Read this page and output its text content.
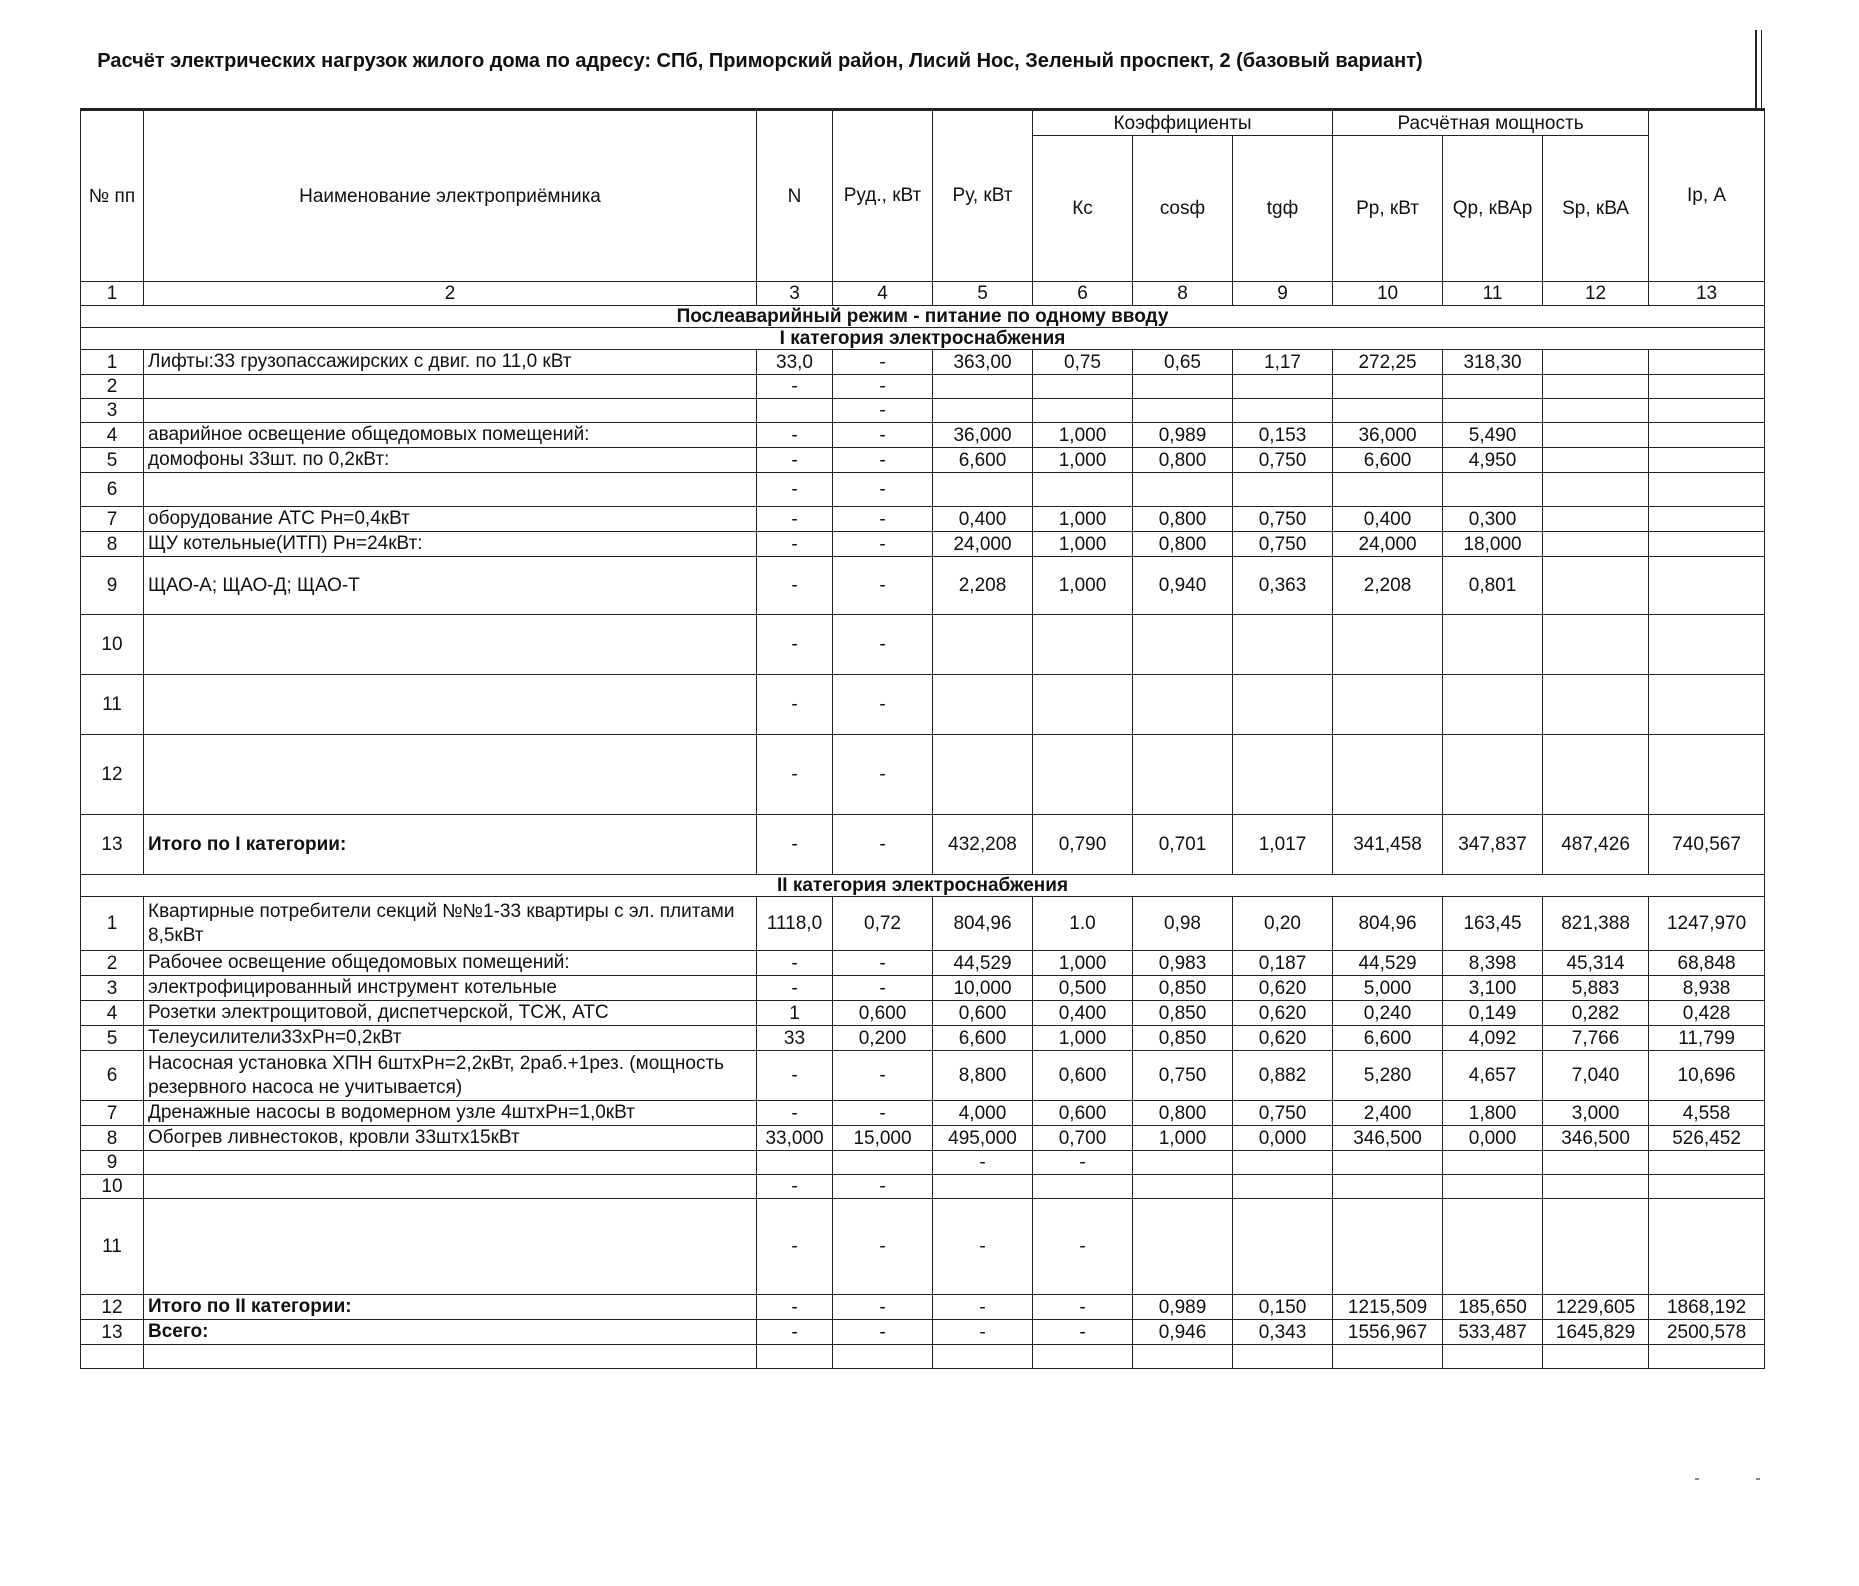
Расчёт электрических нагрузок жилого дома по адресу: СПб, Приморский район, Лисий Нос, Зеленый проспект, 2 (базовый вариант)
№ пп	Наименование электроприёмника	N	Руд., кВт	Ру, кВт	Коэффициенты			Расчётная мощность			Iр, А
					Кс	cosф	tgф	Рр, кВт	Qр, кВАр	Sр, кВА	
1	2	3	4	5	6	8	9	10	11	12	13
Послеаварийный режим - питание по одному вводу											
I категория электроснабжения											
1	Лифты:33 грузопассажирских с двиг. по 11,0 кВт	33,0	-	363,00	0,75	0,65	1,17	272,25	318,30		
2		-	-								
3			-								
4	аварийное освещение общедомовых помещений:	-	-	36,000	1,000	0,989	0,153	36,000	5,490		
5	домофоны 33шт. по 0,2кВт:	-	-	6,600	1,000	0,800	0,750	6,600	4,950		
6		-	-								
7	оборудование АТС Рн=0,4кВт	-	-	0,400	1,000	0,800	0,750	0,400	0,300		
8	ЩУ котельные(ИТП) Рн=24кВт:	-	-	24,000	1,000	0,800	0,750	24,000	18,000		
9	ЩАО-А; ЩАО-Д; ЩАО-Т	-	-	2,208	1,000	0,940	0,363	2,208	0,801		
10		-	-								
11		-	-								
12		-	-								
13	Итого по I категории:	-	-	432,208	0,790	0,701	1,017	341,458	347,837	487,426	740,567
II категория электроснабжения											
1	Квартирные потребители секций №№1-33 квартиры с эл. плитами 8,5кВт	1118,0	0,72	804,96	1.0	0,98	0,20	804,96	163,45	821,388	1247,970
2	Рабочее освещение общедомовых помещений:	-	-	44,529	1,000	0,983	0,187	44,529	8,398	45,314	68,848
3	электрофицированный инструмент котельные	-	-	10,000	0,500	0,850	0,620	5,000	3,100	5,883	8,938
4	Розетки электрощитовой, диспетчерской, ТСЖ, АТС	1	0,600	0,600	0,400	0,850	0,620	0,240	0,149	0,282	0,428
5	Телеусилители33хРн=0,2кВт	33	0,200	6,600	1,000	0,850	0,620	6,600	4,092	7,766	11,799
6	Насосная установка ХПН 6штхРн=2,2кВт, 2раб.+1рез. (мощность резервного насоса не учитывается)	-	-	8,800	0,600	0,750	0,882	5,280	4,657	7,040	10,696
7	Дренажные насосы в водомерном узле 4штхРн=1,0кВт	-	-	4,000	0,600	0,800	0,750	2,400	1,800	3,000	4,558
8	Обогрев ливнестоков, кровли 33штх15кВт	33,000	15,000	495,000	0,700	1,000	0,000	346,500	0,000	346,500	526,452
9				-	-						
10		-	-								
11		-	-	-	-						
12	Итого по II категории:	-	-	-	-	0,989	0,150	1215,509	185,650	1229,605	1868,192
13	Всего:	-	-	-	-	0,946	0,343	1556,967	533,487	1645,829	2500,578
